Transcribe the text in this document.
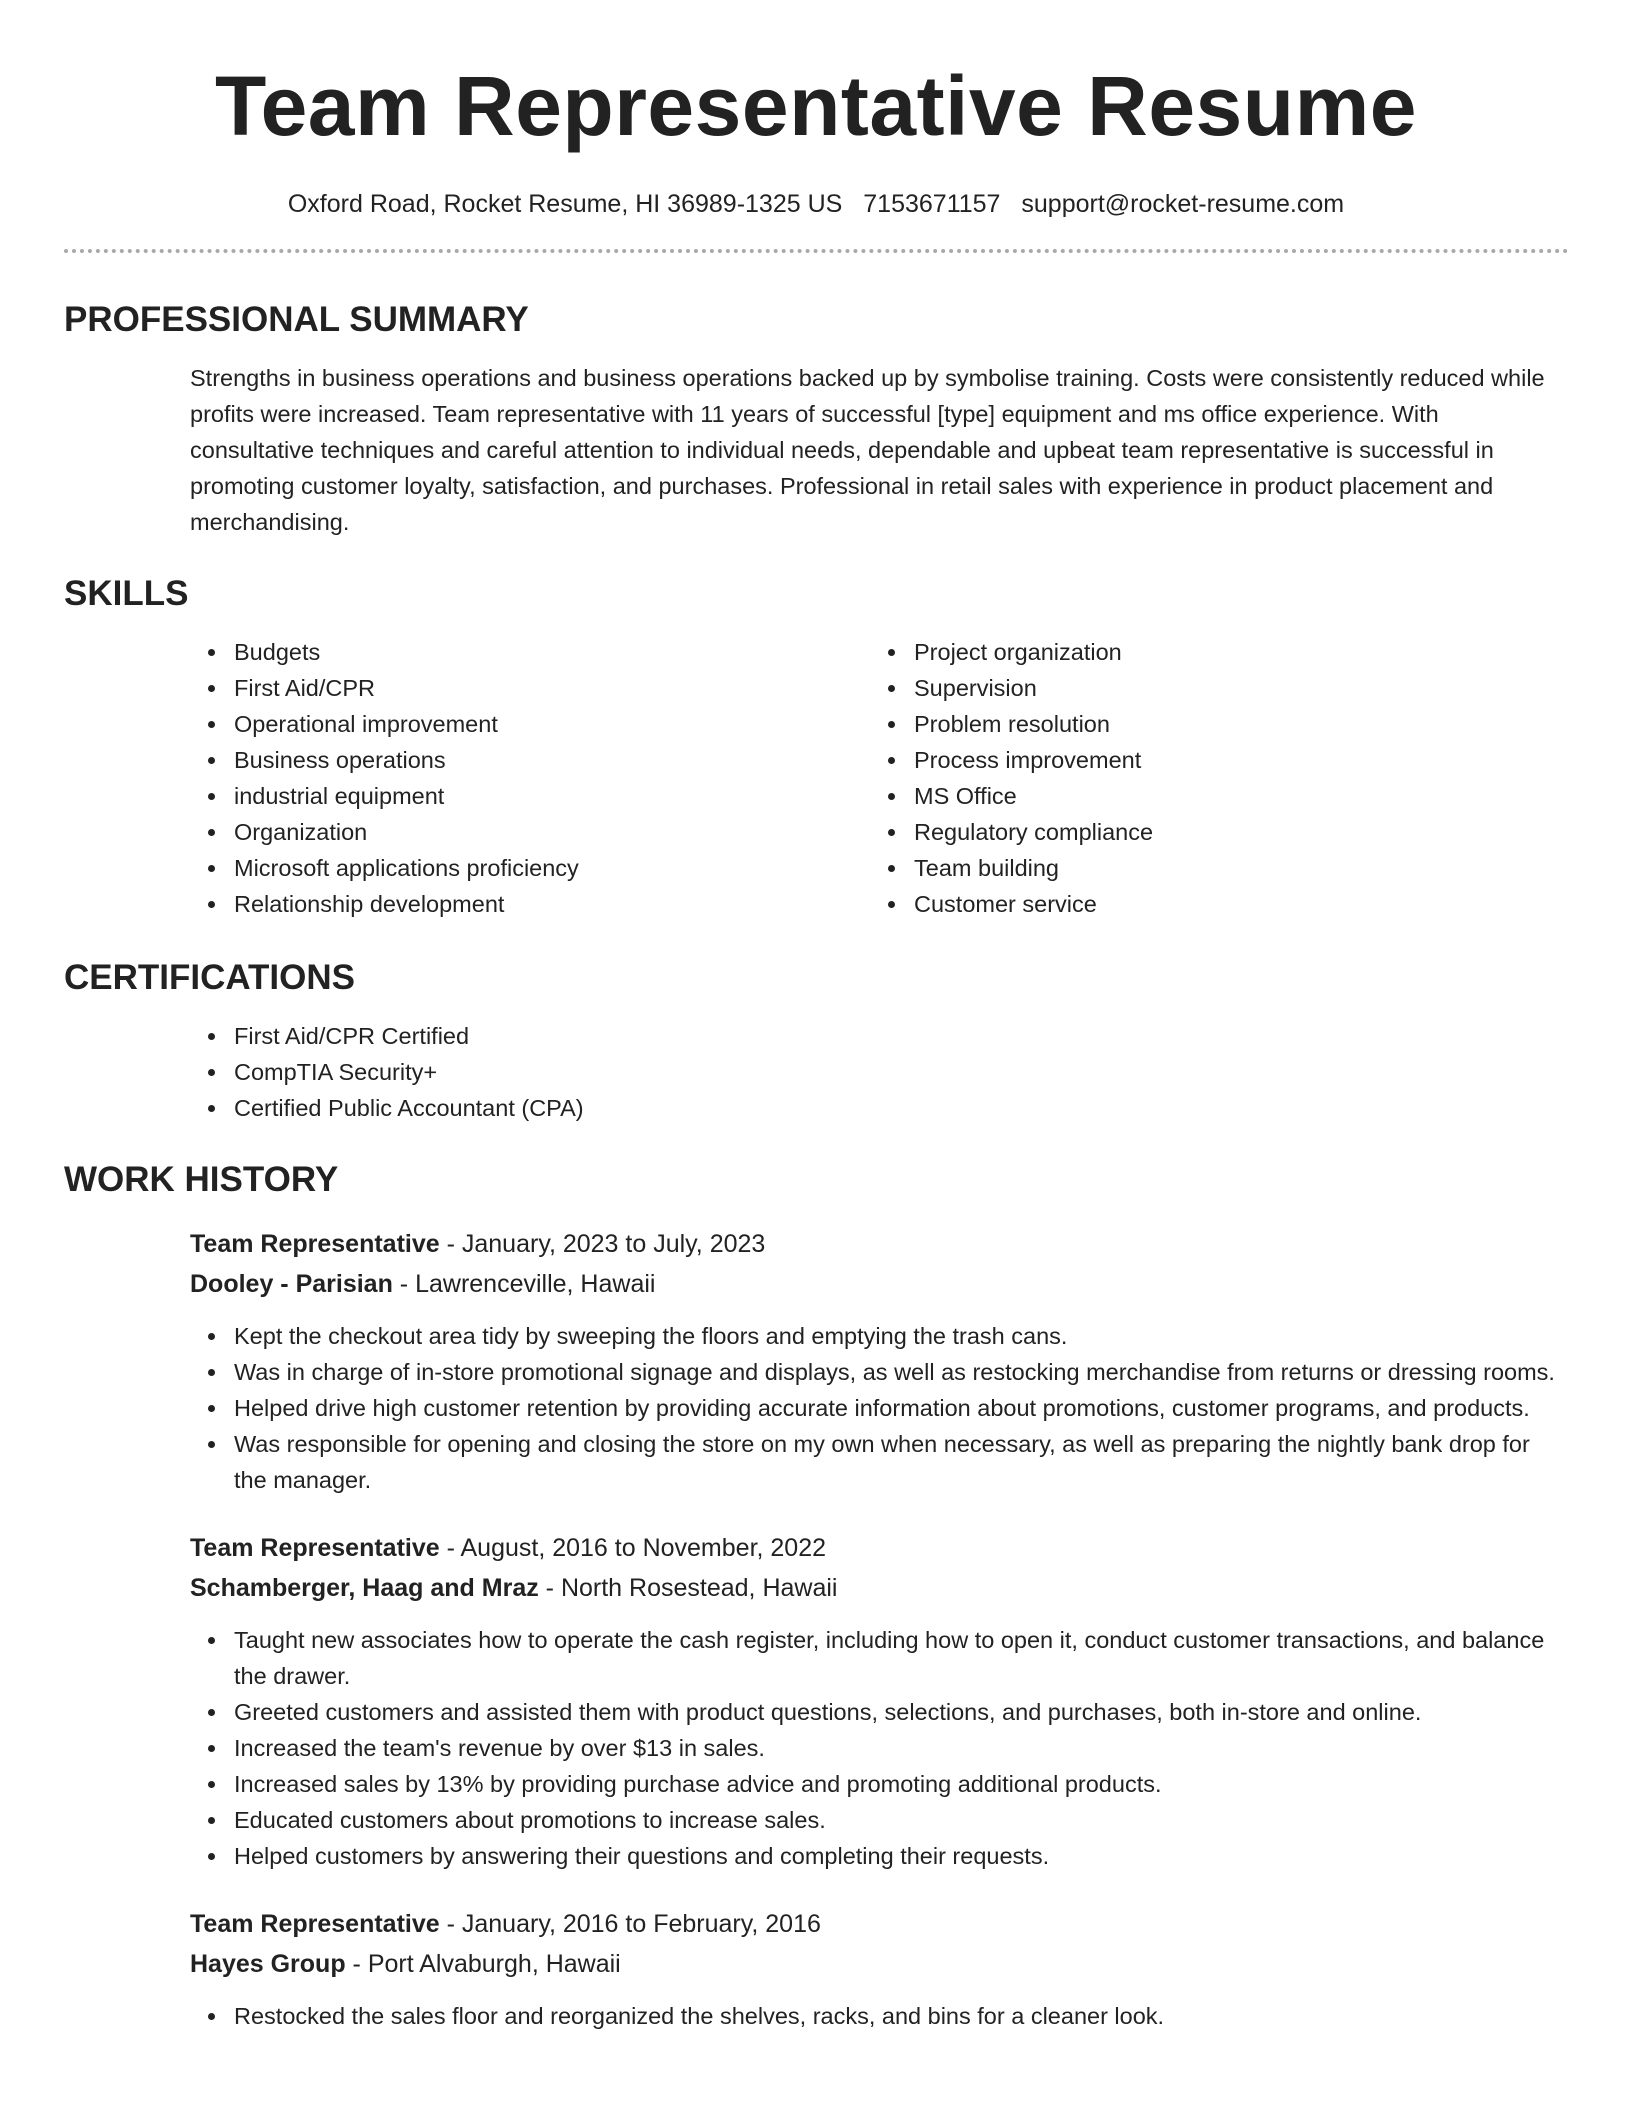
Team Representative Resume
Oxford Road, Rocket Resume, HI 36989-1325 US 7153671157 support@rocket-resume.com
PROFESSIONAL SUMMARY
Strengths in business operations and business operations backed up by symbolise training. Costs were consistently reduced while profits were increased. Team representative with 11 years of successful [type] equipment and ms office experience. With consultative techniques and careful attention to individual needs, dependable and upbeat team representative is successful in promoting customer loyalty, satisfaction, and purchases. Professional in retail sales with experience in product placement and merchandising.
SKILLS
Budgets
First Aid/CPR
Operational improvement
Business operations
industrial equipment
Organization
Microsoft applications proficiency
Relationship development
Project organization
Supervision
Problem resolution
Process improvement
MS Office
Regulatory compliance
Team building
Customer service
CERTIFICATIONS
First Aid/CPR Certified
CompTIA Security+
Certified Public Accountant (CPA)
WORK HISTORY
Team Representative - January, 2023 to July, 2023
Dooley - Parisian - Lawrenceville, Hawaii
Kept the checkout area tidy by sweeping the floors and emptying the trash cans.
Was in charge of in-store promotional signage and displays, as well as restocking merchandise from returns or dressing rooms.
Helped drive high customer retention by providing accurate information about promotions, customer programs, and products.
Was responsible for opening and closing the store on my own when necessary, as well as preparing the nightly bank drop for the manager.
Team Representative - August, 2016 to November, 2022
Schamberger, Haag and Mraz - North Rosestead, Hawaii
Taught new associates how to operate the cash register, including how to open it, conduct customer transactions, and balance the drawer.
Greeted customers and assisted them with product questions, selections, and purchases, both in-store and online.
Increased the team's revenue by over $13 in sales.
Increased sales by 13% by providing purchase advice and promoting additional products.
Educated customers about promotions to increase sales.
Helped customers by answering their questions and completing their requests.
Team Representative - January, 2016 to February, 2016
Hayes Group - Port Alvaburgh, Hawaii
Restocked the sales floor and reorganized the shelves, racks, and bins for a cleaner look.
